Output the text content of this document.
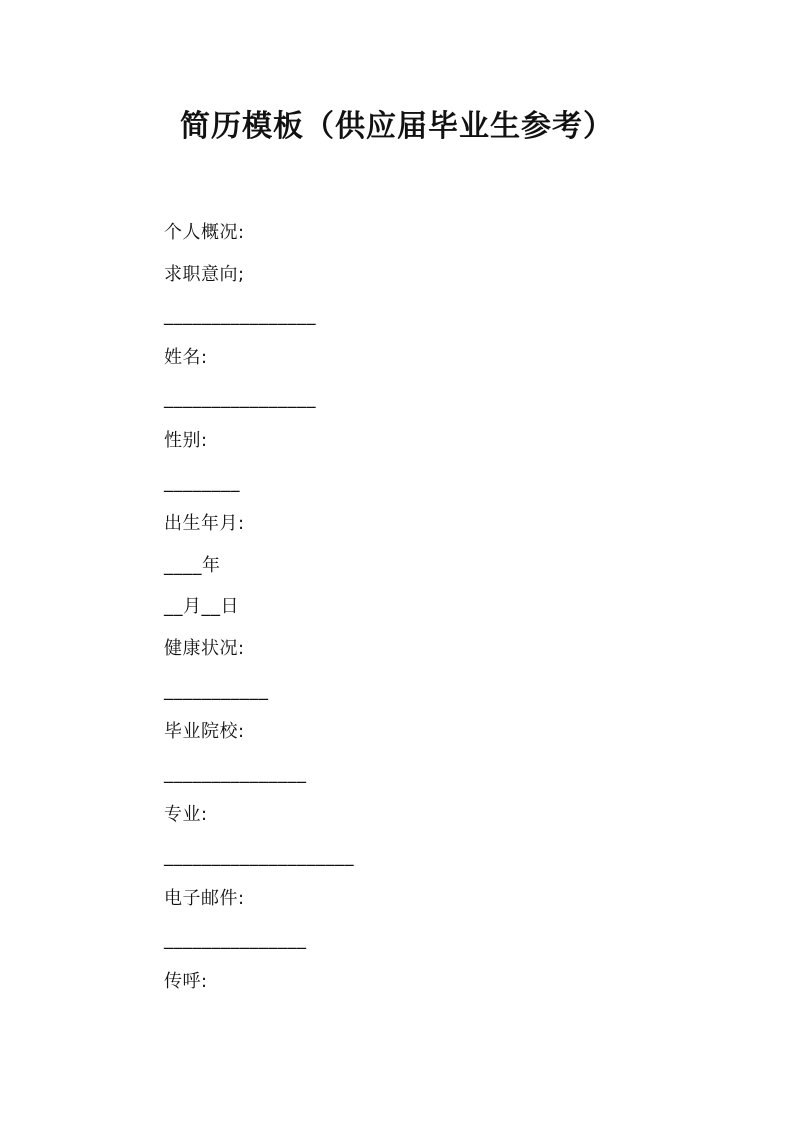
简历模板（供应届毕业生参考）
个人概况:
求职意向;
________________
姓名:
________________
性别:
________
出生年月:
____年
__月__日
健康状况:
___________
毕业院校:
_______________
专业:
____________________
电子邮件:
_______________
传呼:
